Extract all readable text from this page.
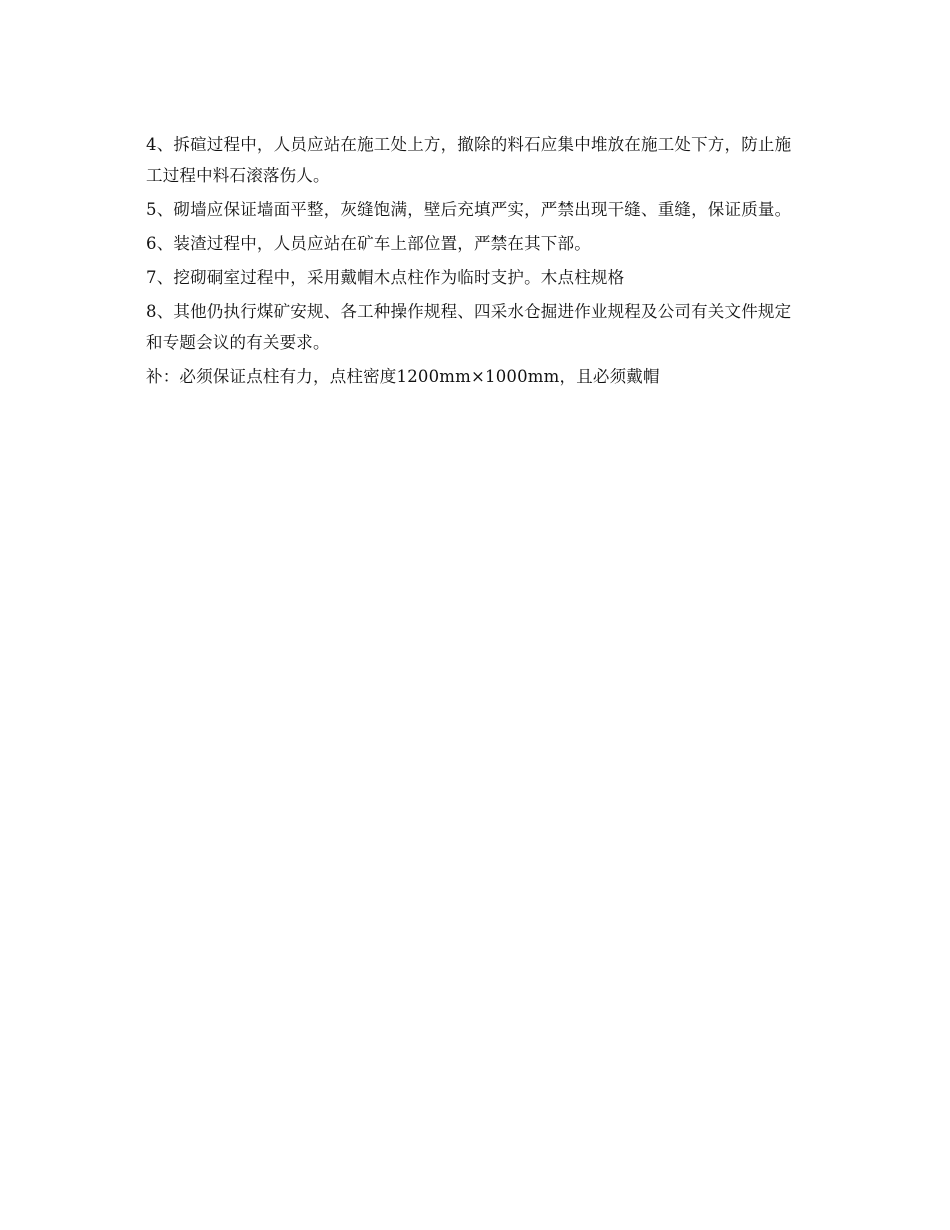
4、拆碹过程中，人员应站在施工处上方，撤除的料石应集中堆放在施工处下方，防止施工过程中料石滚落伤人。

5、砌墙应保证墙面平整，灰缝饱满，壁后充填严实，严禁出现干缝、重缝，保证质量。

6、装渣过程中，人员应站在矿车上部位置，严禁在其下部。

7、挖砌硐室过程中，采用戴帽木点柱作为临时支护。木点柱规格

8、其他仍执行煤矿安规、各工种操作规程、四采水仓掘进作业规程及公司有关文件规定和专题会议的有关要求。

补：必须保证点柱有力，点柱密度1200mm×1000mm，且必须戴帽
